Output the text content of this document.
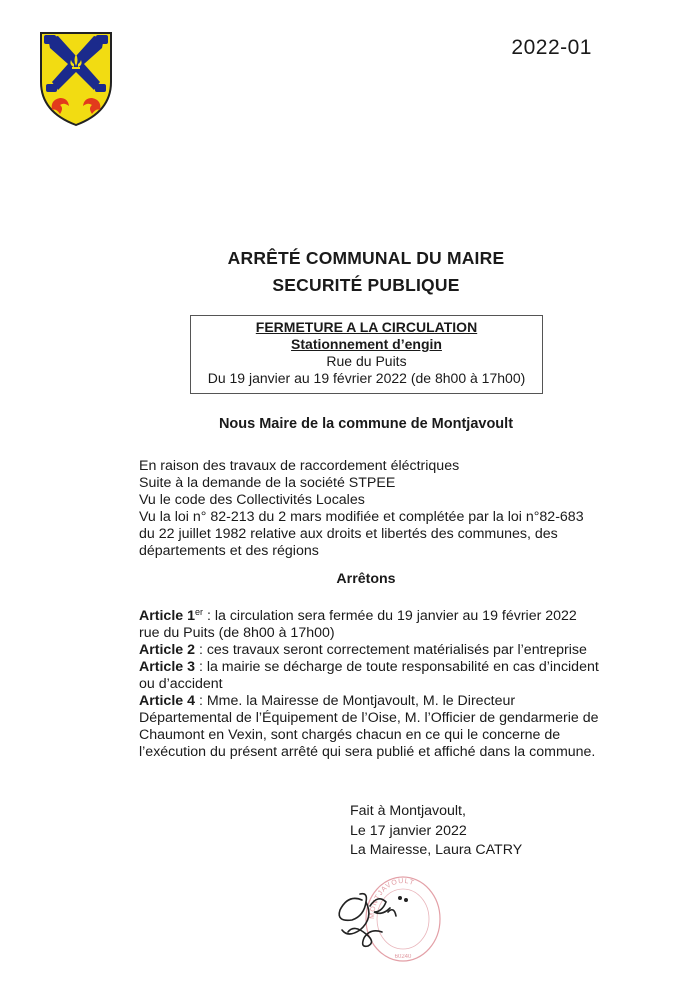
2022-01
ARRÊTÉ COMMUNAL DU MAIRE
SECURITÉ PUBLIQUE
FERMETURE A LA CIRCULATION
Stationnement d’engin
Rue du Puits
Du 19 janvier au 19 février 2022 (de 8h00 à 17h00)
Nous Maire de la commune de Montjavoult
En raison des travaux de raccordement éléctriques
Suite à la demande de la société STPEE
Vu le code des Collectivités Locales
Vu la loi n° 82-213 du 2 mars modifiée et complétée par la loi n°82-683 du 22 juillet 1982 relative aux droits et libertés des communes, des départements et des régions
Arrêtons

Article 1er : la circulation sera fermée du 19 janvier au 19 février 2022 rue du Puits (de 8h00 à 17h00)

Article 2 : ces travaux seront correctement matérialisés par l’entreprise

Article 3 : la mairie se décharge de toute responsabilité en cas d’incident ou d’accident

Article 4 : Mme. la Mairesse de Montjavoult, M. le Directeur Départemental de l’Équipement de l’Oise, M. l’Officier de gendarmerie de Chaumont en Vexin, sont chargés chacun en ce qui le concerne de l’exécution du présent arrêté qui sera publié et affiché dans la commune.

Fait à Montjavoult,
Le 17 janvier 2022
La Mairesse, Laura CATRY
MONTJAVOULT
60240
